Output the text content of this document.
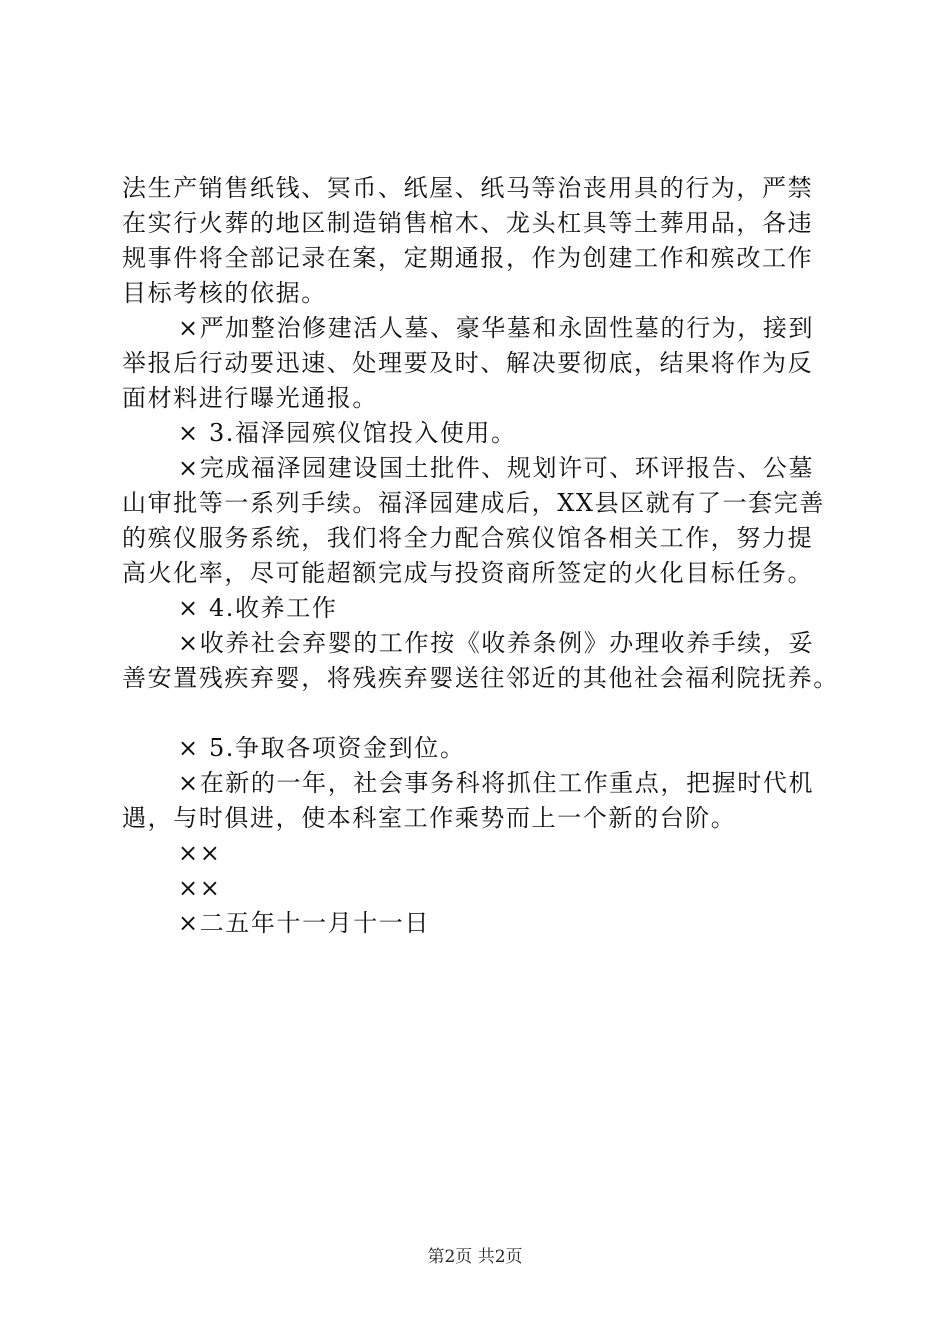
法生产销售纸钱、冥币、纸屋、纸马等治丧用具的行为，严禁
在实行火葬的地区制造销售棺木、龙头杠具等土葬用品，各违
规事件将全部记录在案，定期通报，作为创建工作和殡改工作
目标考核的依据。
×严加整治修建活人墓、豪华墓和永固性墓的行为，接到
举报后行动要迅速、处理要及时、解决要彻底，结果将作为反
面材料进行曝光通报。
× 3.福泽园殡仪馆投入使用。
×完成福泽园建设国土批件、规划许可、环评报告、公墓
山审批等一系列手续。福泽园建成后，XX县区就有了一套完善
的殡仪服务系统，我们将全力配合殡仪馆各相关工作，努力提
高火化率，尽可能超额完成与投资商所签定的火化目标任务。
× 4.收养工作
×收养社会弃婴的工作按《收养条例》办理收养手续，妥
善安置残疾弃婴，将残疾弃婴送往邻近的其他社会福利院抚养。
× 5.争取各项资金到位。
×在新的一年，社会事务科将抓住工作重点，把握时代机
遇，与时俱进，使本科室工作乘势而上一个新的台阶。
××
××
×二五年十一月十一日
第2页 共2页
